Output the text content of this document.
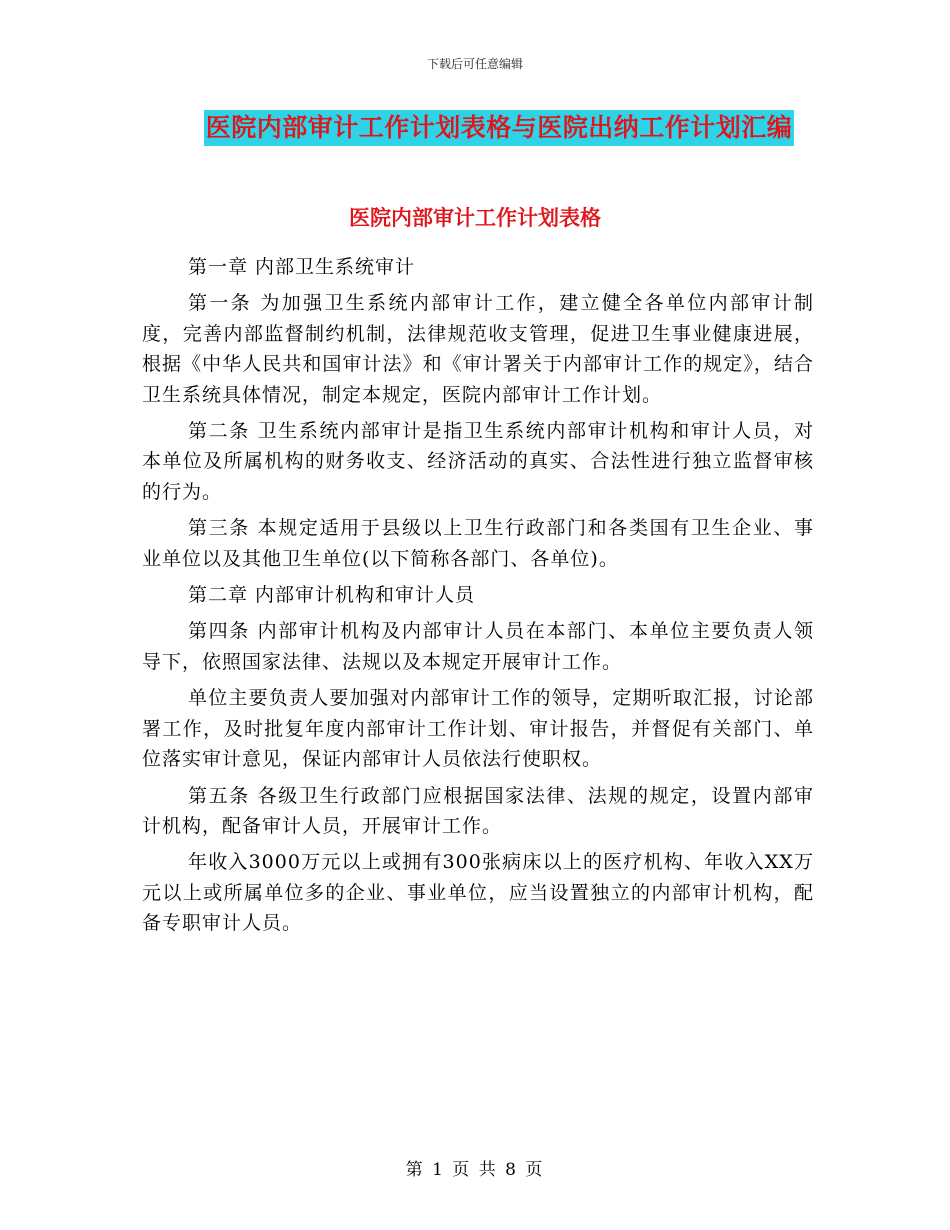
下载后可任意编辑
医院内部审计工作计划表格与医院出纳工作计划汇编
医院内部审计工作计划表格

第一章 内部卫生系统审计

第一条 为加强卫生系统内部审计工作，建立健全各单位内部审计制度，完善内部监督制约机制，法律规范收支管理，促进卫生事业健康进展，根据《中华人民共和国审计法》和《审计署关于内部审计工作的规定》，结合卫生系统具体情况，制定本规定，医院内部审计工作计划。

第二条 卫生系统内部审计是指卫生系统内部审计机构和审计人员，对本单位及所属机构的财务收支、经济活动的真实、合法性进行独立监督审核的行为。

第三条 本规定适用于县级以上卫生行政部门和各类国有卫生企业、事业单位以及其他卫生单位(以下简称各部门、各单位)。

第二章 内部审计机构和审计人员

第四条 内部审计机构及内部审计人员在本部门、本单位主要负责人领导下，依照国家法律、法规以及本规定开展审计工作。

单位主要负责人要加强对内部审计工作的领导，定期听取汇报，讨论部署工作，及时批复年度内部审计工作计划、审计报告，并督促有关部门、单位落实审计意见，保证内部审计人员依法行使职权。

第五条 各级卫生行政部门应根据国家法律、法规的规定，设置内部审计机构，配备审计人员，开展审计工作。

年收入3000万元以上或拥有300张病床以上的医疗机构、年收入XX万元以上或所属单位多的企业、事业单位，应当设置独立的内部审计机构，配备专职审计人员。

第 1 页 共 8 页
